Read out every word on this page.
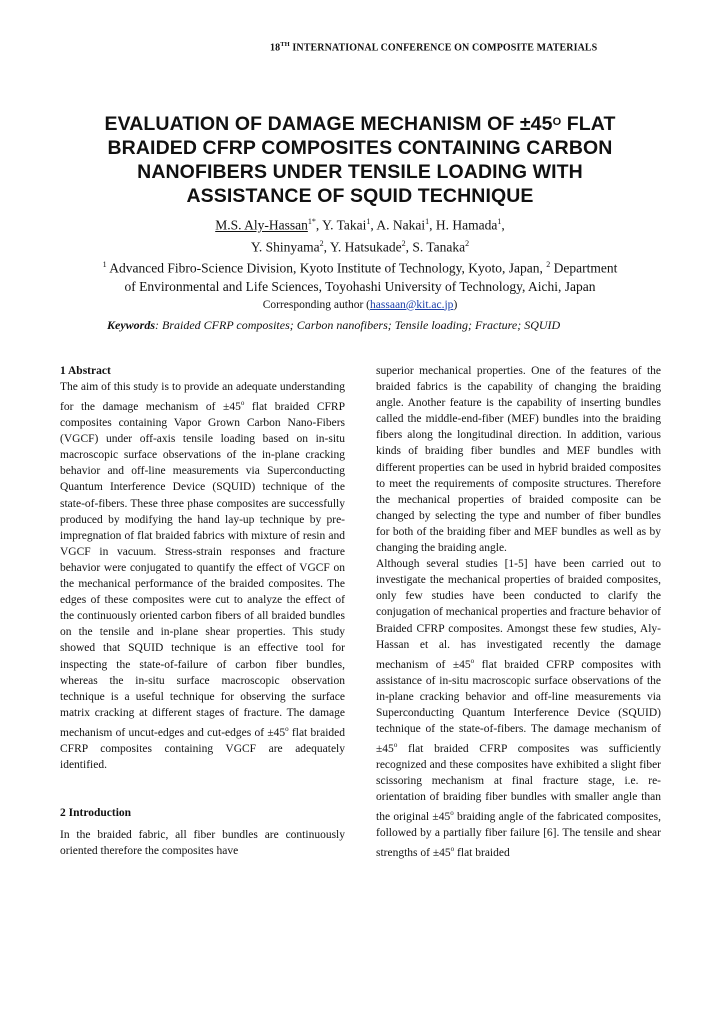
18TH INTERNATIONAL CONFERENCE ON COMPOSITE MATERIALS
EVALUATION OF DAMAGE MECHANISM OF $\pm 45^O$ FLAT
BRAIDED CFRP COMPOSITES CONTAINING CARBON
NANOFIBERS UNDER TENSILE LOADING WITH
ASSISTANCE OF SQUID TECHNIQUE
M.S. Aly-Hassan$^{1*}$, Y. Takai$^1$, A. Nakai$^1$, H. Hamada$^1$,
Y. Shinyama$^2$, Y. Hatsukade$^2$, S. Tanaka$^2$
$^1$ Advanced Fibro-Science Division, Kyoto Institute of Technology, Kyoto, Japan, $^2$ Department
of Environmental and Life Sciences, Toyohashi University of Technology, Aichi, Japan
Corresponding author (hassaan@kit.ac.jp)
Keywords: Braided CFRP composites; Carbon nanofibers; Tensile loading; Fracture; SQUID
1 Abstract

The aim of this study is to provide an adequate understanding for the damage mechanism of $\pm 45^o$ flat braided CFRP composites containing Vapor Grown Carbon Nano-Fibers (VGCF) under off-axis tensile loading based on in-situ macroscopic surface observations of the in-plane cracking behavior and off-line measurements via Superconducting Quantum Interference Device (SQUID) technique of the state-of-fibers. These three phase composites are successfully produced by modifying the hand lay-up technique by pre-impregnation of flat braided fabrics with mixture of resin and VGCF in vacuum. Stress-strain responses and fracture behavior were conjugated to quantify the effect of VGCF on the mechanical performance of the braided composites. The edges of these composites were cut to analyze the effect of the continuously oriented carbon fibers of all braided bundles on the tensile and in-plane shear properties. This study showed that SQUID technique is an effective tool for inspecting the state-of-failure of carbon fiber bundles, whereas the in-situ surface macroscopic observation technique is a useful technique for observing the surface matrix cracking at different stages of fracture. The damage mechanism of uncut-edges and cut-edges of $\pm 45^o$ flat braided CFRP composites containing VGCF are adequately identified.

2 Introduction

In the braided fabric, all fiber bundles are continuously oriented therefore the composites have

superior mechanical properties. One of the features of the braided fabrics is the capability of changing the braiding angle. Another feature is the capability of inserting bundles called the middle-end-fiber (MEF) bundles into the braiding fibers along the longitudinal direction. In addition, various kinds of braiding fiber bundles and MEF bundles with different properties can be used in hybrid braided composites to meet the requirements of composite structures. Therefore the mechanical properties of braided composite can be changed by selecting the type and number of fiber bundles for both of the braiding fiber and MEF bundles as well as by changing the braiding angle.

Although several studies [1-5] have been carried out to investigate the mechanical properties of braided composites, only few studies have been conducted to clarify the conjugation of mechanical properties and fracture behavior of Braided CFRP composites. Amongst these few studies, Aly-Hassan et al. has investigated recently the damage mechanism of $\pm 45^o$ flat braided CFRP composites with assistance of in-situ macroscopic surface observations of the in-plane cracking behavior and off-line measurements via Superconducting Quantum Interference Device (SQUID) technique of the state-of-fibers. The damage mechanism of $\pm 45^o$ flat braided CFRP composites was sufficiently recognized and these composites have exhibited a slight fiber scissoring mechanism at final fracture stage, i.e. re-orientation of braiding fiber bundles with smaller angle than the original $\pm 45^o$ braiding angle of the fabricated composites, followed by a partially fiber failure [6]. The tensile and shear strengths of $\pm 45^o$ flat braided
